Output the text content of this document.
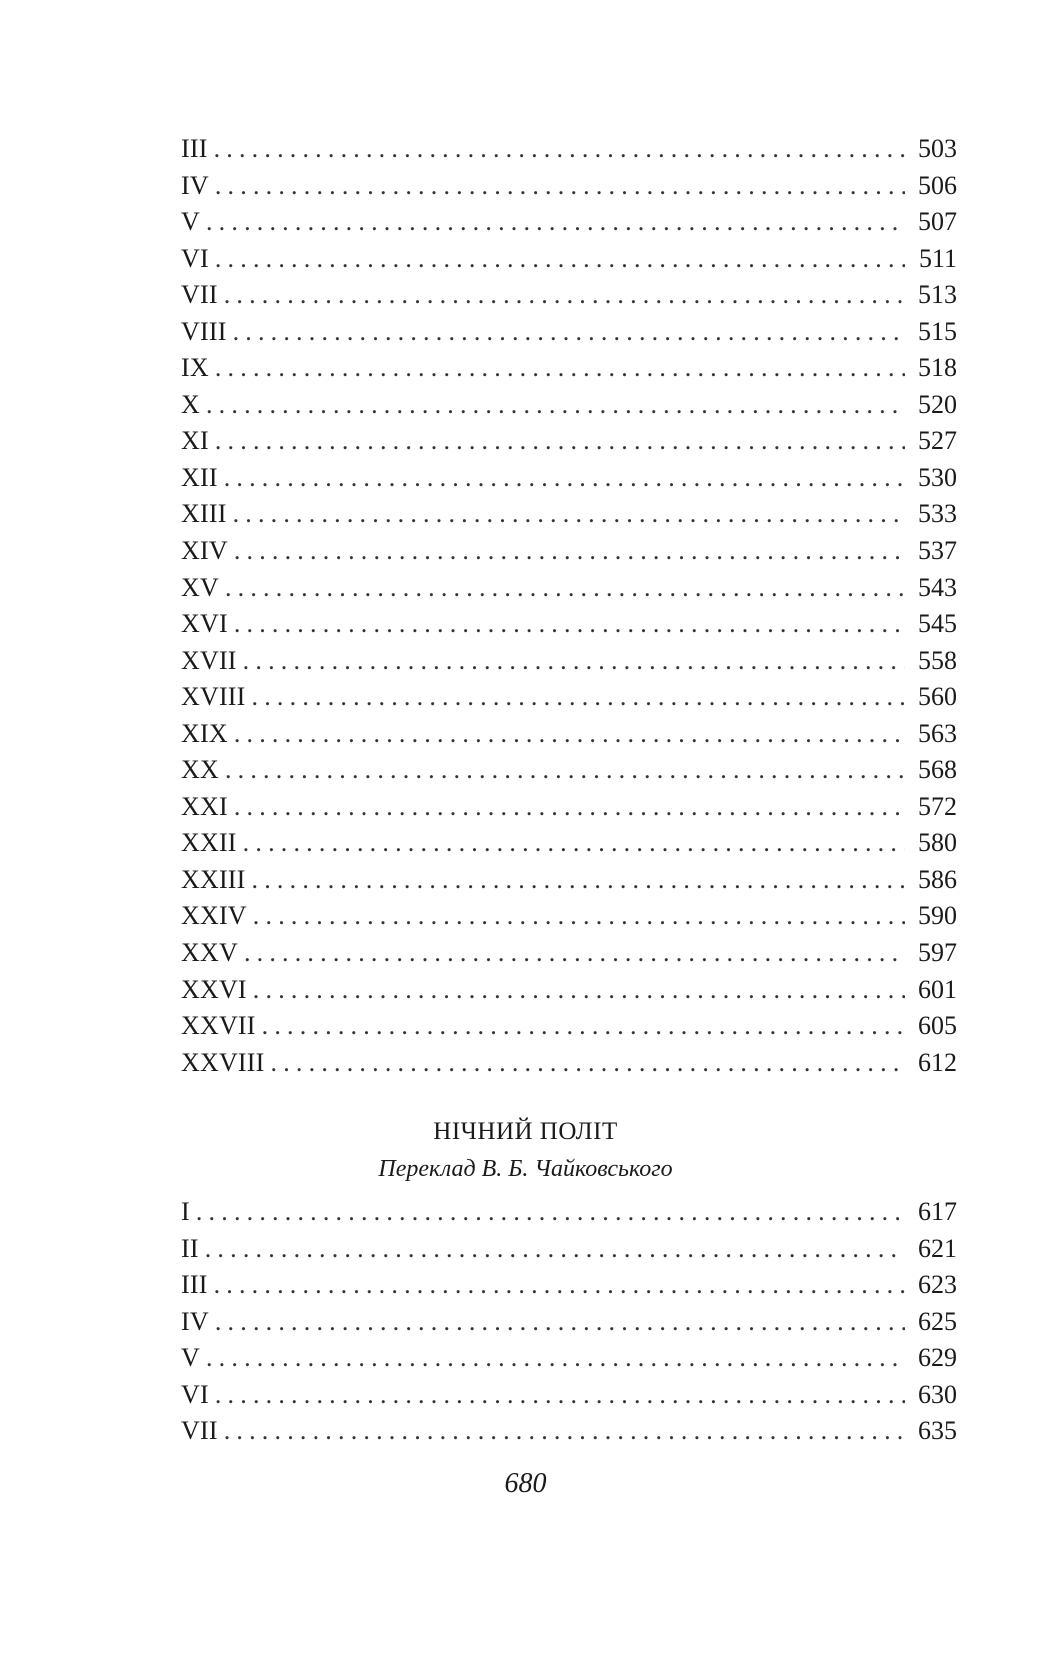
III .....	503
IV .....	506
V .....	507
VI .....	511
VII .....	513
VIII .....	515
IX .....	518
X .....	520
XI .....	527
XII .....	530
XIII .....	533
XIV .....	537
XV .....	543
XVI .....	545
XVII .....	558
XVIII .....	560
XIX .....	563
XX .....	568
XXI .....	572
XXII .....	580
XXIII .....	586
XXIV .....	590
XXV .....	597
XXVI .....	601
XXVII .....	605
XXVIII .....	612
НІЧНИЙ ПОЛІТ
Переклад В. Б. Чайковського
I .....	617
II .....	621
III .....	623
IV .....	625
V .....	629
VI .....	630
VII .....	635
680
